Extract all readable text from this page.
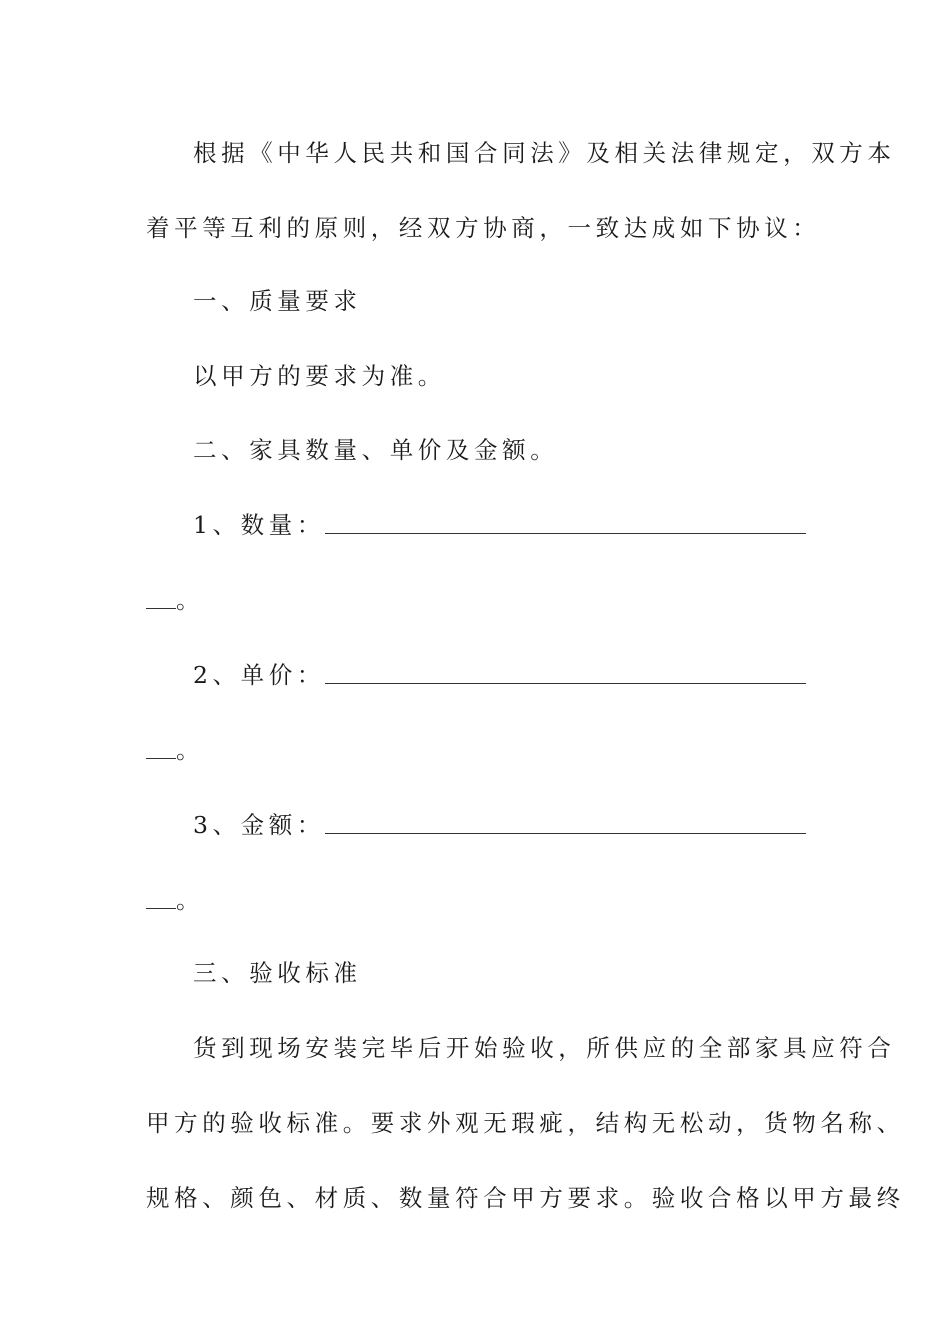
根据《中华人民共和国合同法》及相关法律规定，双方本
着平等互利的原则，经双方协商，一致达成如下协议：
一、质量要求
以甲方的要求为准。
二、家具数量、单价及金额。
1、数量：
。
2、单价：
。
3、金额：
。
三、验收标准
货到现场安装完毕后开始验收，所供应的全部家具应符合
甲方的验收标准。要求外观无瑕疵，结构无松动，货物名称、
规格、颜色、材质、数量符合甲方要求。验收合格以甲方最终
